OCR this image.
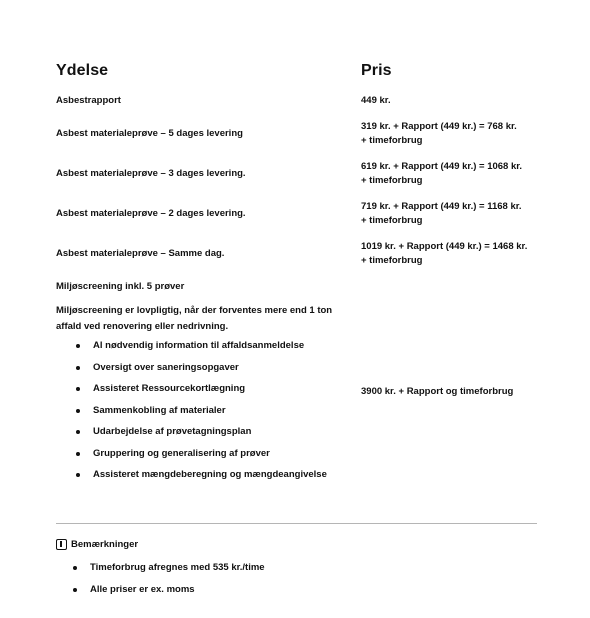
Ydelse	Pris
Asbestrapport	449 kr.
Asbest materialeprøve – 5 dages levering
319 kr. + Rapport (449 kr.) = 768 kr.
+ timeforbrug
Asbest materialeprøve – 3 dages levering.
619 kr. + Rapport (449 kr.) = 1068 kr.
+ timeforbrug
Asbest materialeprøve – 2 dages levering.
719 kr. + Rapport (449 kr.) = 1168 kr.
+ timeforbrug
Asbest materialeprøve – Samme dag.
1019 kr. + Rapport (449 kr.) = 1468 kr.
+ timeforbrug
Miljøscreening inkl. 5 prøver
Miljøscreening er lovpligtig, når der forventes mere end 1 ton
affald ved renovering eller nedrivning.
Al nødvendig information til affaldsanmeldelse
Oversigt over saneringsopgaver
Assisteret Ressourcekortlægning
Sammenkobling af materialer
Udarbejdelse af prøvetagningsplan
Gruppering og generalisering af prøver
Assisteret mængdeberegning og mængdeangivelse
3900 kr. + Rapport og timeforbrug
Bemærkninger
Timeforbrug afregnes med 535 kr./time
Alle priser er ex. moms
